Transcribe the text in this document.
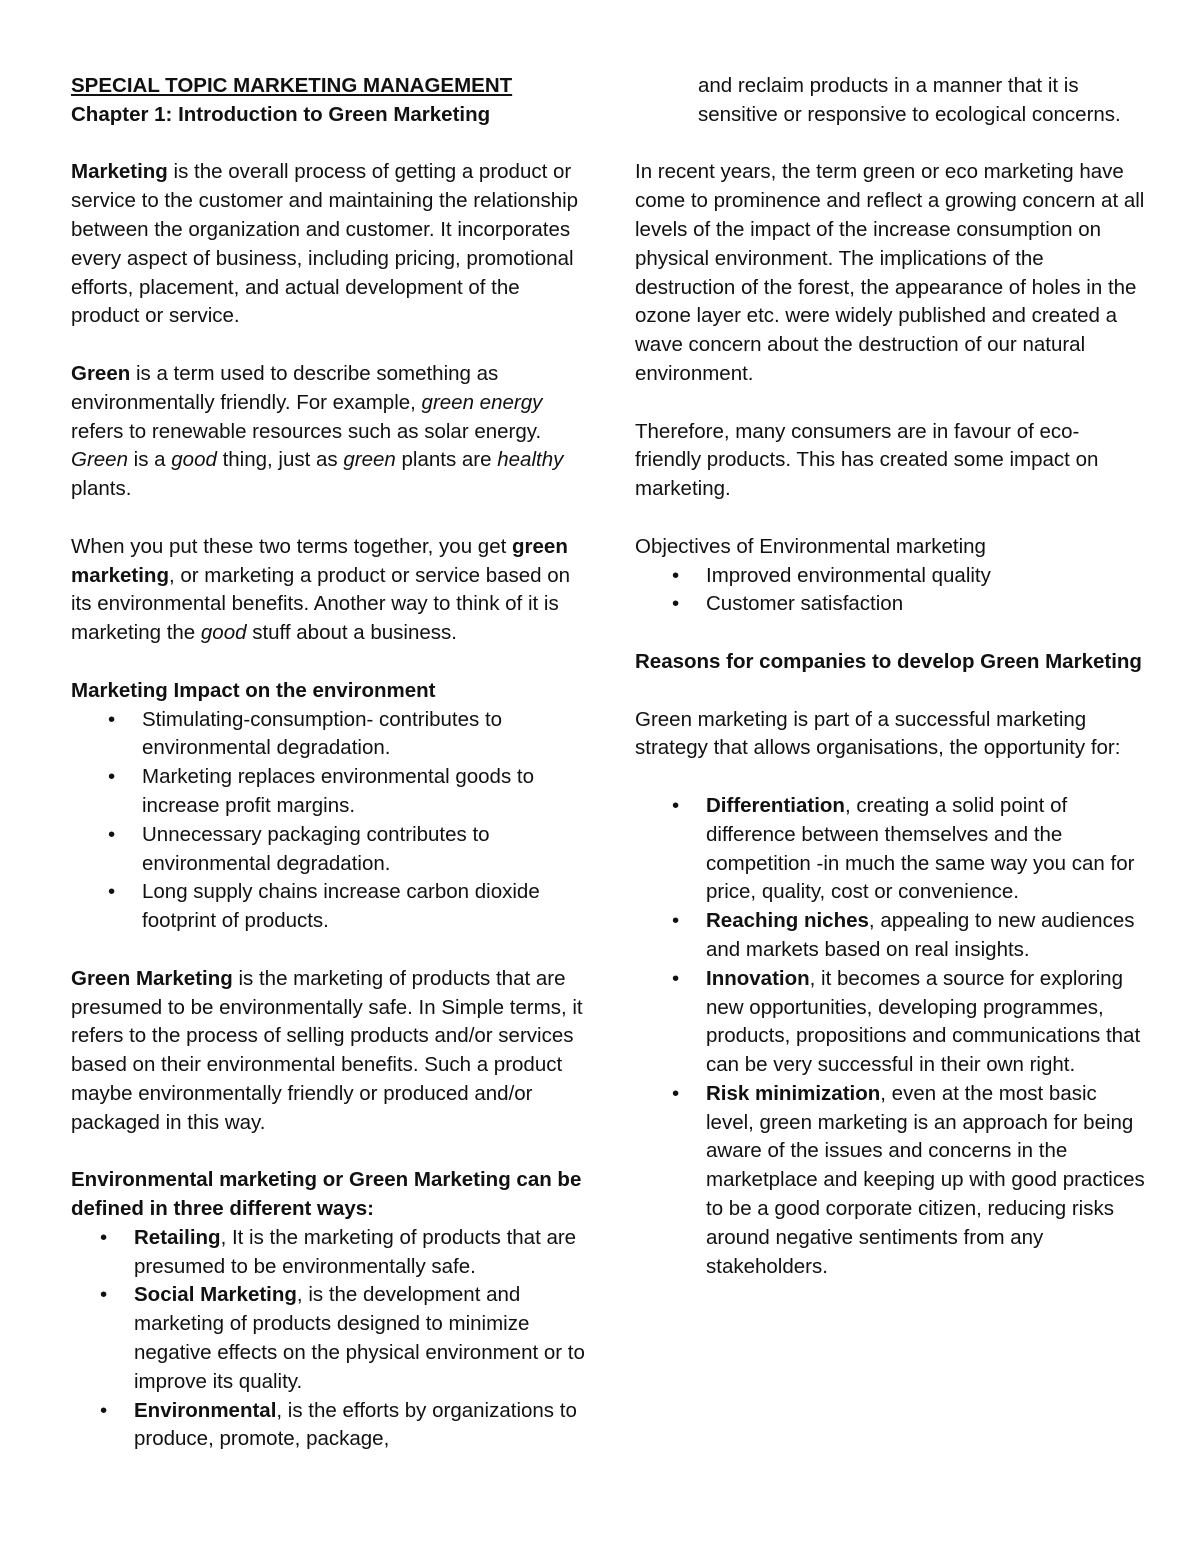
SPECIAL TOPIC MARKETING MANAGEMENT

Chapter 1: Introduction to Green Marketing

Marketing is the overall process of getting a product or service to the customer and maintaining the relationship between the organization and customer. It incorporates every aspect of business, including pricing, promotional efforts, placement, and actual development of the product or service.

Green is a term used to describe something as environmentally friendly. For example, green energy refers to renewable resources such as solar energy. Green is a good thing, just as green plants are healthy plants.

When you put these two terms together, you get green marketing, or marketing a product or service based on its environmental benefits. Another way to think of it is marketing the good stuff about a business.

Marketing Impact on the environment

• Stimulating-consumption- contributes to environmental degradation.
• Marketing replaces environmental goods to increase profit margins.
• Unnecessary packaging contributes to environmental degradation.
• Long supply chains increase carbon dioxide footprint of products.

Green Marketing is the marketing of products that are presumed to be environmentally safe. In Simple terms, it refers to the process of selling products and/or services based on their environmental benefits. Such a product maybe environmentally friendly or produced and/or packaged in this way.

Environmental marketing or Green Marketing can be defined in three different ways:

• Retailing, It is the marketing of products that are presumed to be environmentally safe.
• Social Marketing, is the development and marketing of products designed to minimize negative effects on the physical environment or to improve its quality.
• Environmental, is the efforts by organizations to produce, promote, package,

and reclaim products in a manner that it is sensitive or responsive to ecological concerns.

In recent years, the term green or eco marketing have come to prominence and reflect a growing concern at all levels of the impact of the increase consumption on physical environment. The implications of the destruction of the forest, the appearance of holes in the ozone layer etc. were widely published and created a wave concern about the destruction of our natural environment.

Therefore, many consumers are in favour of eco-friendly products. This has created some impact on marketing.

Objectives of Environmental marketing

• Improved environmental quality
• Customer satisfaction

Reasons for companies to develop Green Marketing

Green marketing is part of a successful marketing strategy that allows organisations, the opportunity for:

• Differentiation, creating a solid point of difference between themselves and the competition -in much the same way you can for price, quality, cost or convenience.
• Reaching niches, appealing to new audiences and markets based on real insights.
• Innovation, it becomes a source for exploring new opportunities, developing programmes, products, propositions and communications that can be very successful in their own right.
• Risk minimization, even at the most basic level, green marketing is an approach for being aware of the issues and concerns in the marketplace and keeping up with good practices to be a good corporate citizen, reducing risks around negative sentiments from any stakeholders.
